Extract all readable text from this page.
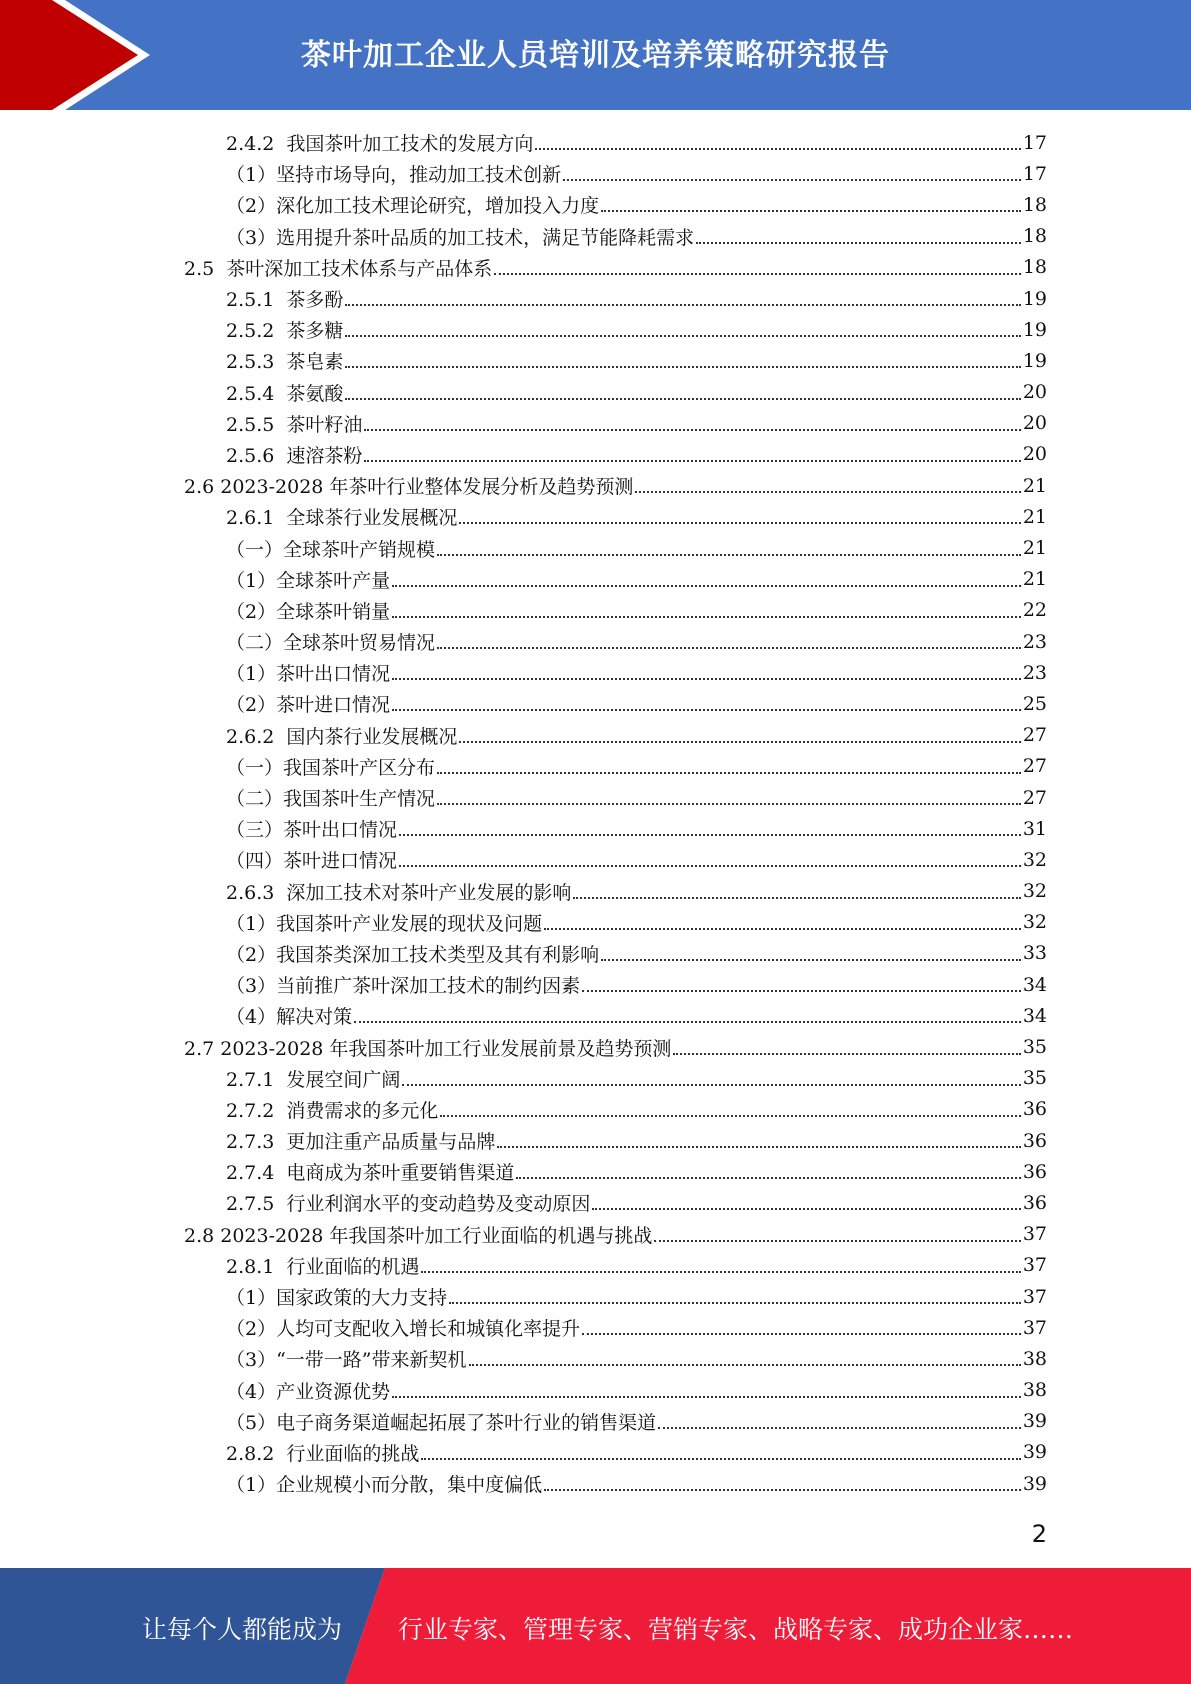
茶叶加工企业人员培训及培养策略研究报告
2.4.2  我国茶叶加工技术的发展方向	17
（1）坚持市场导向，推动加工技术创新	17
（2）深化加工技术理论研究，增加投入力度	18
（3）选用提升茶叶品质的加工技术，满足节能降耗需求	18
2.5  茶叶深加工技术体系与产品体系	18
2.5.1  茶多酚	19
2.5.2  茶多糖	19
2.5.3  茶皂素	19
2.5.4  茶氨酸	20
2.5.5  茶叶籽油	20
2.5.6  速溶茶粉	20
2.6 2023-2028 年茶叶行业整体发展分析及趋势预测	21
2.6.1  全球茶行业发展概况	21
（一）全球茶叶产销规模	21
（1）全球茶叶产量	21
（2）全球茶叶销量	22
（二）全球茶叶贸易情况	23
（1）茶叶出口情况	23
（2）茶叶进口情况	25
2.6.2  国内茶行业发展概况	27
（一）我国茶叶产区分布	27
（二）我国茶叶生产情况	27
（三）茶叶出口情况	31
（四）茶叶进口情况	32
2.6.3  深加工技术对茶叶产业发展的影响	32
（1）我国茶叶产业发展的现状及问题	32
（2）我国茶类深加工技术类型及其有利影响	33
（3）当前推广茶叶深加工技术的制约因素	34
（4）解决对策	34
2.7 2023-2028 年我国茶叶加工行业发展前景及趋势预测	35
2.7.1  发展空间广阔	35
2.7.2  消费需求的多元化	36
2.7.3  更加注重产品质量与品牌	36
2.7.4  电商成为茶叶重要销售渠道	36
2.7.5  行业利润水平的变动趋势及变动原因	36
2.8 2023-2028 年我国茶叶加工行业面临的机遇与挑战	37
2.8.1  行业面临的机遇	37
（1）国家政策的大力支持	37
（2）人均可支配收入增长和城镇化率提升	37
（3）“一带一路”带来新契机	38
（4）产业资源优势	38
（5）电子商务渠道崛起拓展了茶叶行业的销售渠道	39
2.8.2  行业面临的挑战	39
（1）企业规模小而分散，集中度偏低	39
2
让每个人都能成为 行业专家、管理专家、营销专家、战略专家、成功企业家……
